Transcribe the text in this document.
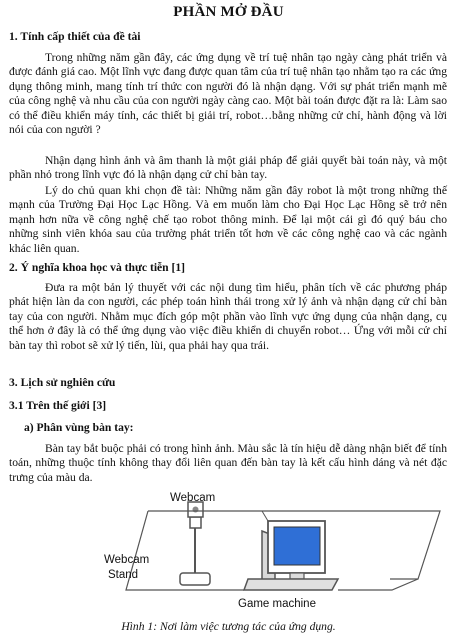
PHẦN MỞ ĐẦU
1. Tính cấp thiết của đề tài
Trong những năm gần đây, các ứng dụng về trí tuệ nhân tạo ngày càng phát triển và được đánh giá cao. Một lĩnh vực đang được quan tâm của trí tuệ nhân tạo nhằm tạo ra các ứng dụng thông minh, mang tính trí thức con người đó là nhận dạng. Với sự phát triển mạnh mẽ của công nghệ và nhu cầu của con người ngày càng cao. Một bài toán được đặt ra là: Làm sao có thể điều khiển máy tính, các thiết bị giải trí, robot…bằng những cử chỉ, hành động và lời nói của con người ?
Nhận dạng hình ảnh và âm thanh là một giải pháp để giải quyết bài toán này, và một phần nhỏ trong lĩnh vực đó là nhận dạng cử chỉ bàn tay.
Lý do chủ quan khi chọn đề tài: Những năm gần đây robot là một trong những thế mạnh của Trường Đại Học Lạc Hồng. Và em muốn làm cho Đại Học Lạc Hồng sẽ trở nên mạnh hơn nữa về công nghệ chế tạo robot thông minh. Để lại một cái gì đó quý báu cho những sinh viên khóa sau của trường phát triển tốt hơn về các công nghệ cao và các ngành khác liên quan.
2. Ý nghĩa khoa học và thực tiễn [1]
Đưa ra một bản lý thuyết với các nội dung tìm hiểu, phân tích về các phương pháp phát hiện làn da con người, các phép toán hình thái trong xử lý ảnh và nhận dạng cử chỉ bàn tay của con người. Nhằm mục đích góp một phần vào lĩnh vực ứng dụng của nhận dạng, cụ thể hơn ở đây là có thể ứng dụng vào việc điều khiển di chuyển robot… Ứng với mỗi cử chỉ bàn tay thì robot sẽ xử lý tiến, lùi, qua phải hay qua trái.
3. Lịch sử nghiên cứu
3.1 Trên thế giới [3]
a) Phân vùng bàn tay:
Bàn tay bắt buộc phải có trong hình ảnh. Màu sắc là tín hiệu dễ dàng nhận biết để tính toán, những thuộc tính không thay đổi liên quan đến bàn tay là kết cấu hình dáng và nét đặc trưng của màu da.
Webcam
Webcam
Stand
Game machine
Hình 1: Nơi làm việc tương tác của ứng dụng.
